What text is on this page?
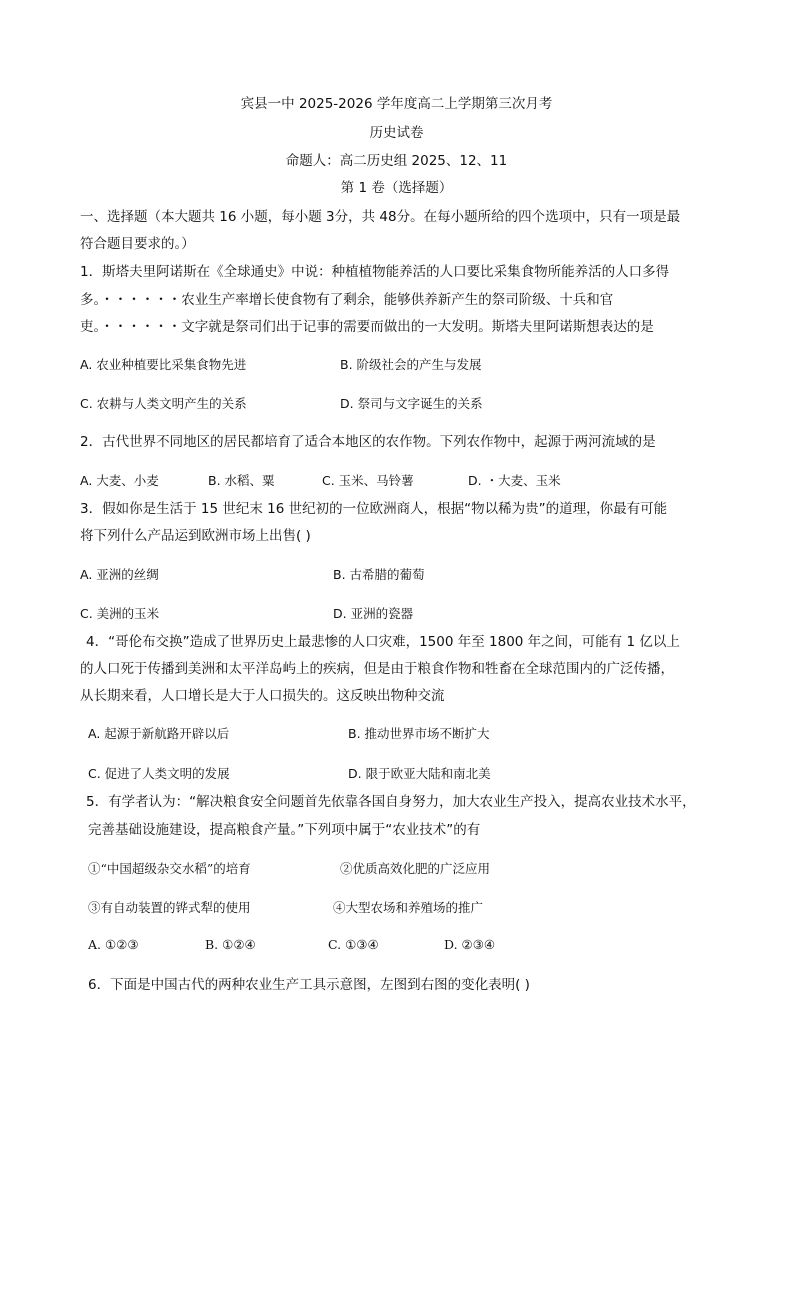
宾县一中 2025-2026 学年度高二上学期第三次月考
历史试卷
命题人：高二历史组 2025、12、11
第 1 卷（选择题）
一、选择题（本大题共 16 小题，每小题 3分，共 48分。在每小题所给的四个选项中，只有一项是最
符合题目要求的。）
1．斯塔夫里阿诺斯在《全球通史》中说：种植植物能养活的人口要比采集食物所能养活的人口多得
多。・・・・・・农业生产率增长使食物有了剩余，能够供养新产生的祭司阶级、十兵和官
吏。・・・・・・文字就是祭司们出于记事的需要而做出的一大发明。斯塔夫里阿诺斯想表达的是
A. 农业种植要比采集食物先进	B. 阶级社会的产生与发展
C. 农耕与人类文明产生的关系	D. 祭司与文字诞生的关系
2．古代世界不同地区的居民都培育了适合本地区的农作物。下列农作物中，起源于两河流域的是
A. 大麦、小麦	B. 水稻、粟	C. 玉米、马铃薯	D. ・大麦、玉米
3．假如你是生活于 15 世纪末 16 世纪初的一位欧洲商人，根据“物以稀为贵”的道理，你最有可能
将下列什么产品运到欧洲市场上出售( )
A. 亚洲的丝绸	B. 古希腊的葡萄
C. 美洲的玉米	D. 亚洲的瓷器
4．“哥伦布交换”造成了世界历史上最悲惨的人口灾难，1500 年至 1800 年之间，可能有 1 亿以上
的人口死于传播到美洲和太平洋岛屿上的疾病，但是由于粮食作物和牲畜在全球范围内的广泛传播，
从长期来看，人口增长是大于人口损失的。这反映出物种交流
A. 起源于新航路开辟以后	B. 推动世界市场不断扩大
C. 促进了人类文明的发展	D. 限于欧亚大陆和南北美
5．有学者认为：“解决粮食安全问题首先依靠各国自身努力，加大农业生产投入，提高农业技术水平，
完善基础设施建设，提高粮食产量。”下列项中属于“农业技术”的有
①“中国超级杂交水稻”的培育	②优质高效化肥的广泛应用
③有自动装置的铧式犁的使用	④大型农场和养殖场的推广
A. ①②③	B. ①②④	C. ①③④	D. ②③④
6．下面是中国古代的两种农业生产工具示意图，左图到右图的变化表明( )
